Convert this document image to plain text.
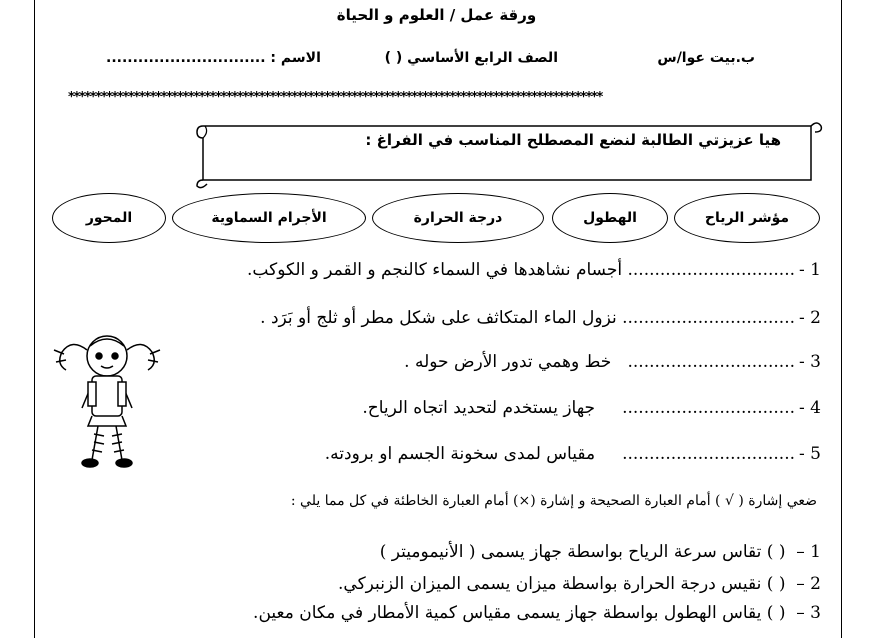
ورقة عمل / العلوم و الحياة
ب.بيت عوا/س
الصف الرابع الأساسي ( )
الاسم : ..............................
**************************************************************************************************
هيا عزيزتي الطالبة لنضع المصطلح المناسب في الفراغ :
مؤشر الرياح
الهطول
درجة الحرارة
الأجرام السماوية
المحور
1 -............................... أجسام نشاهدها في السماء كالنجم و القمر و الكوكب.
2 -................................ نزول الماء المتكاثف على شكل مطر أو ثلج أو بَرَد .
3 -...............................   خط وهمي تدور الأرض حوله .
4 -................................     جهاز يستخدم لتحديد اتجاه الرياح.
5 -................................     مقياس لمدى سخونة الجسم او برودته.
ضعي إشارة ( √ ) أمام العبارة الصحيحة و إشارة (×) أمام العبارة الخاطئة في كل مما يلي :
1 –  ( ) تقاس سرعة الرياح بواسطة جهاز يسمى ( الأنيموميتر )
2 –  ( ) نقيس درجة الحرارة بواسطة ميزان يسمى الميزان الزنبركي.
3 –  ( ) يقاس الهطول بواسطة جهاز يسمى مقياس كمية الأمطار في مكان معين.
